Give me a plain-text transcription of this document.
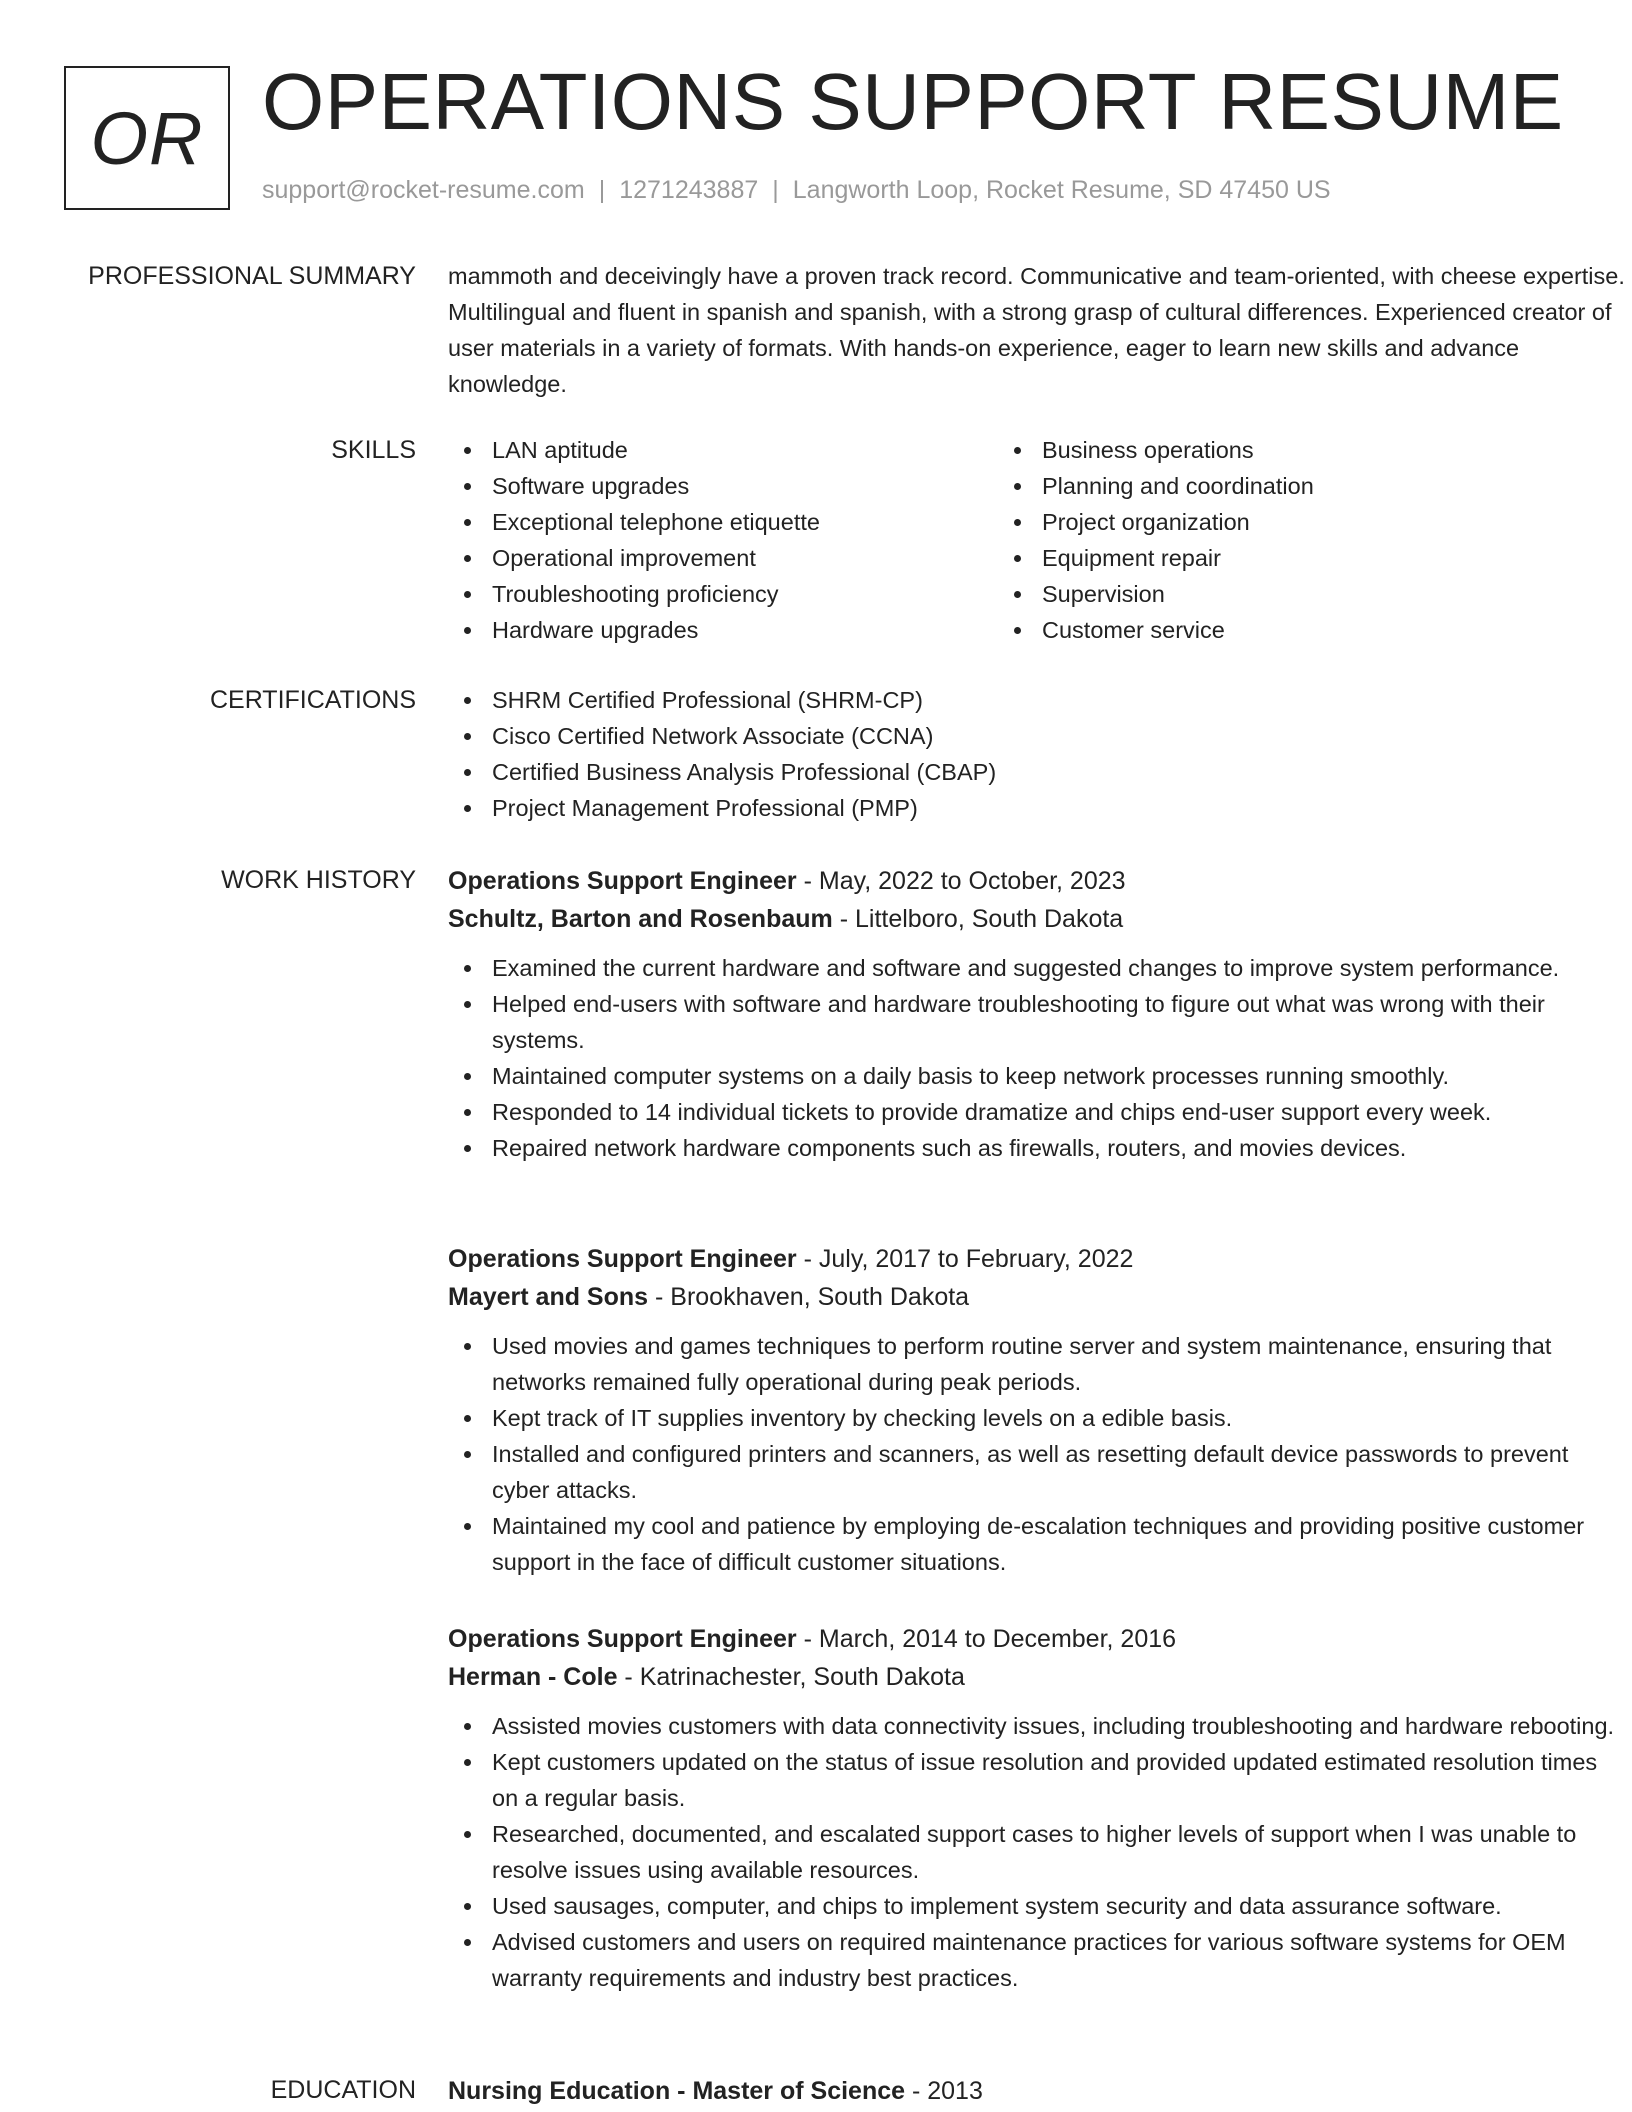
OR OPERATIONS SUPPORT RESUME
support@rocket-resume.com | 1271243887 | Langworth Loop, Rocket Resume, SD 47450 US
PROFESSIONAL SUMMARY mammoth and deceivingly have a proven track record. Communicative and team-oriented, with cheese expertise. Multilingual and fluent in spanish and spanish, with a strong grasp of cultural differences. Experienced creator of user materials in a variety of formats. With hands-on experience, eager to learn new skills and advance knowledge.
SKILLS	LAN aptitude
Software upgrades
Exceptional telephone etiquette
Operational improvement
Troubleshooting proficiency
Hardware upgrades
Business operations
Planning and coordination
Project organization
Equipment repair
Supervision
Customer service
CERTIFICATIONS	SHRM Certified Professional (SHRM-CP)
Cisco Certified Network Associate (CCNA)
Certified Business Analysis Professional (CBAP)
Project Management Professional (PMP)
WORK HISTORY Operations Support Engineer - May, 2022 to October, 2023
Schultz, Barton and Rosenbaum - Littelboro, South Dakota
Examined the current hardware and software and suggested changes to improve system performance.
Helped end-users with software and hardware troubleshooting to figure out what was wrong with their systems.
Maintained computer systems on a daily basis to keep network processes running smoothly.
Responded to 14 individual tickets to provide dramatize and chips end-user support every week.
Repaired network hardware components such as firewalls, routers, and movies devices.
Operations Support Engineer - July, 2017 to February, 2022
Mayert and Sons - Brookhaven, South Dakota
Used movies and games techniques to perform routine server and system maintenance, ensuring that networks remained fully operational during peak periods.
Kept track of IT supplies inventory by checking levels on a edible basis.
Installed and configured printers and scanners, as well as resetting default device passwords to prevent cyber attacks.
Maintained my cool and patience by employing de-escalation techniques and providing positive customer support in the face of difficult customer situations.
Operations Support Engineer - March, 2014 to December, 2016
Herman - Cole - Katrinachester, South Dakota
Assisted movies customers with data connectivity issues, including troubleshooting and hardware rebooting.
Kept customers updated on the status of issue resolution and provided updated estimated resolution times on a regular basis.
Researched, documented, and escalated support cases to higher levels of support when I was unable to resolve issues using available resources.
Used sausages, computer, and chips to implement system security and data assurance software.
Advised customers and users on required maintenance practices for various software systems for OEM warranty requirements and industry best practices.
EDUCATION Nursing Education - Master of Science - 2013
